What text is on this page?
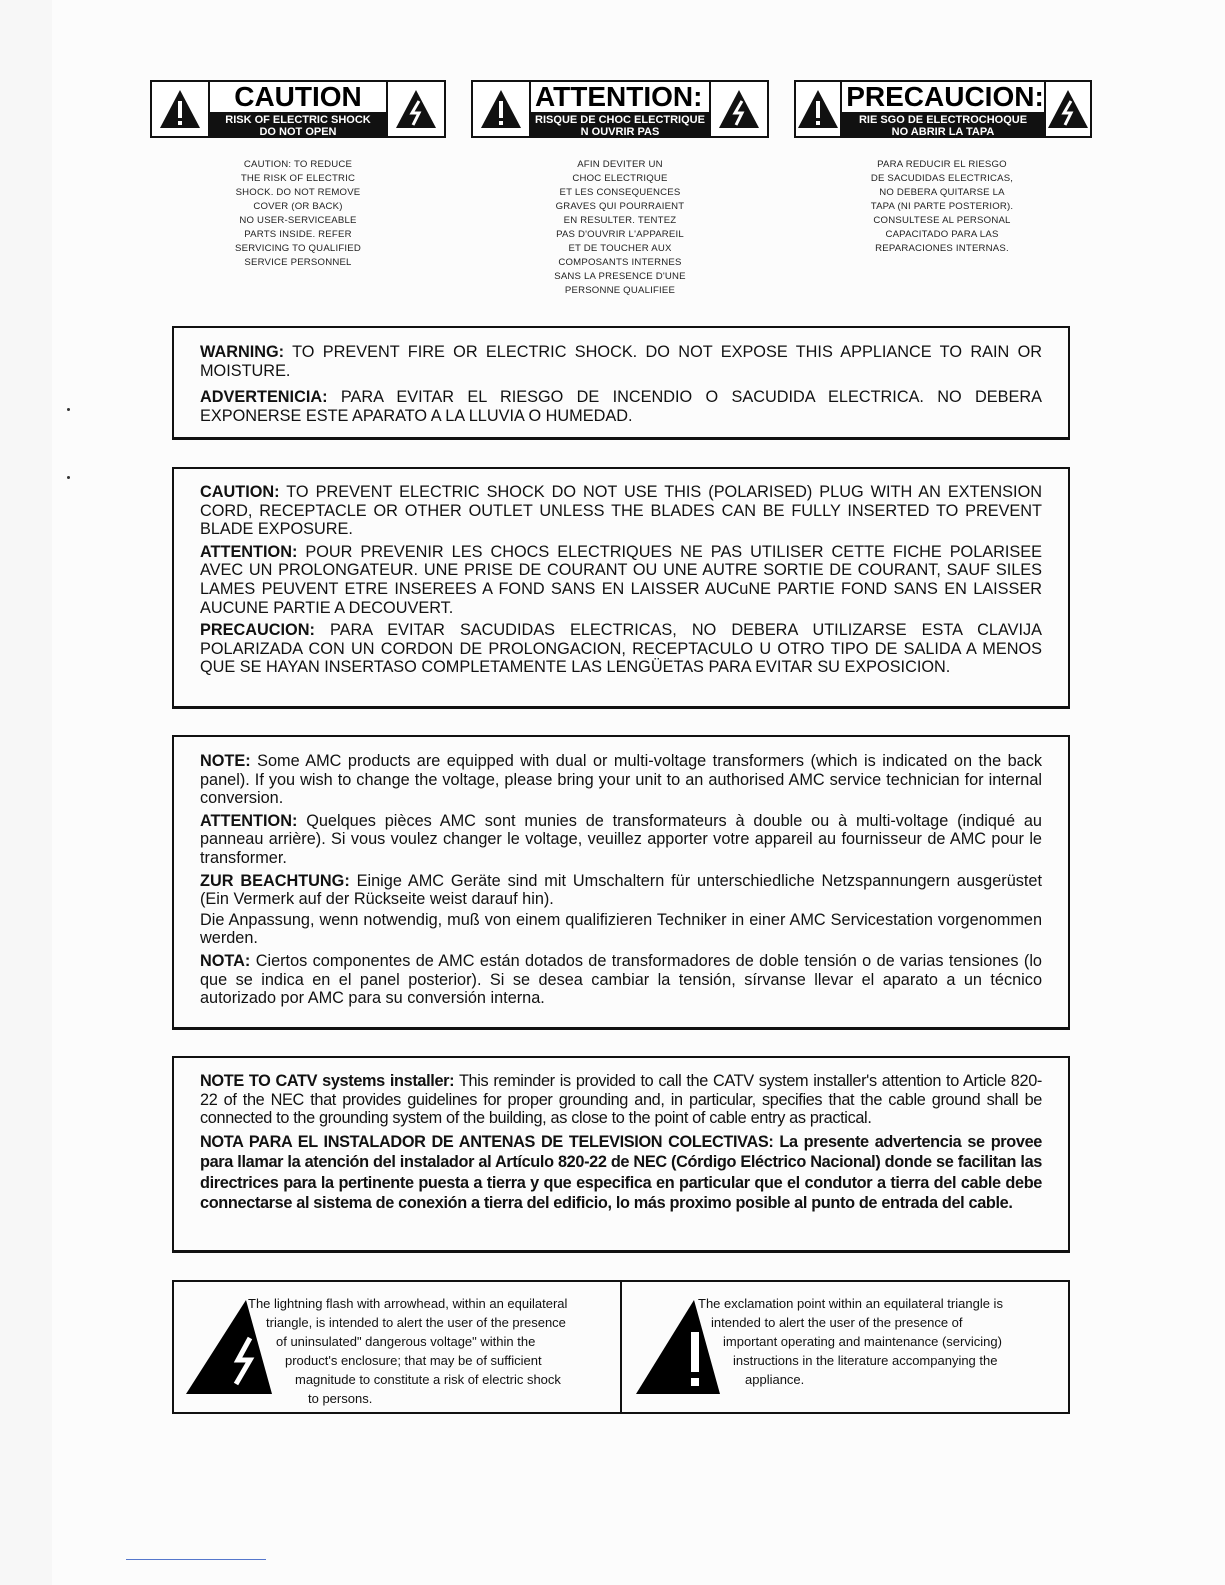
CAUTION
RISK OF ELECTRIC SHOCK
DO NOT OPEN
ATTENTION:
RISQUE DE CHOC ELECTRIQUE
N OUVRIR PAS
PRECAUCION:
RIE SGO DE ELECTROCHOQUE
NO ABRIR LA TAPA
CAUTION: TO REDUCE
THE RISK OF ELECTRIC
SHOCK. DO NOT REMOVE
COVER (OR BACK)
NO USER-SERVICEABLE
PARTS INSIDE. REFER
SERVICING TO QUALIFIED
SERVICE PERSONNEL
AFIN DEVITER UN
CHOC ELECTRIQUE
ET LES CONSEQUENCES
GRAVES QUI POURRAIENT
EN RESULTER. TENTEZ
PAS D'OUVRIR L'APPAREIL
ET DE TOUCHER AUX
COMPOSANTS INTERNES
SANS LA PRESENCE D'UNE
PERSONNE QUALIFIEE
PARA REDUCIR EL RIESGO
DE SACUDIDAS ELECTRICAS,
NO DEBERA QUITARSE LA
TAPA (NI PARTE POSTERIOR).
CONSULTESE AL PERSONAL
CAPACITADO PARA LAS
REPARACIONES INTERNAS.

WARNING: TO PREVENT FIRE OR ELECTRIC SHOCK. DO NOT EXPOSE THIS APPLIANCE TO RAIN OR MOISTURE.

ADVERTENICIA: PARA EVITAR EL RIESGO DE INCENDIO O SACUDIDA ELECTRICA. NO DEBERA EXPONERSE ESTE APARATO A LA LLUVIA O HUMEDAD.

CAUTION: TO PREVENT ELECTRIC SHOCK DO NOT USE THIS (POLARISED) PLUG WITH AN EXTENSION CORD, RECEPTACLE OR OTHER OUTLET UNLESS THE BLADES CAN BE FULLY INSERTED TO PREVENT BLADE EXPOSURE.

ATTENTION: POUR PREVENIR LES CHOCS ELECTRIQUES NE PAS UTILISER CETTE FICHE POLARISEE AVEC UN PROLONGATEUR. UNE PRISE DE COURANT OU UNE AUTRE SORTIE DE COURANT, SAUF SILES LAMES PEUVENT ETRE INSEREES A FOND SANS EN LAISSER AUCuNE PARTIE FOND SANS EN LAISSER AUCUNE PARTIE A DECOUVERT.

PRECAUCION: PARA EVITAR SACUDIDAS ELECTRICAS, NO DEBERA UTILIZARSE ESTA CLAVIJA POLARIZADA CON UN CORDON DE PROLONGACION, RECEPTACULO U OTRO TIPO DE SALIDA A MENOS QUE SE HAYAN INSERTASO COMPLETAMENTE LAS LENGÜETAS PARA EVITAR SU EXPOSICION.

NOTE: Some AMC products are equipped with dual or multi-voltage transformers (which is indicated on the back panel). If you wish to change the voltage, please bring your unit to an authorised AMC service technician for internal conversion.

ATTENTION: Quelques pièces AMC sont munies de transformateurs à double ou à multi-voltage (indiqué au panneau arrière). Si vous voulez changer le voltage, veuillez apporter votre appareil au fournisseur de AMC pour le transformer.

ZUR BEACHTUNG: Einige AMC Geräte sind mit Umschaltern für unterschiedliche Netzspannungern ausgerüstet (Ein Vermerk auf der Rückseite weist darauf hin).

Die Anpassung, wenn notwendig, muß von einem qualifizieren Techniker in einer AMC Servicestation vorgenommen werden.

NOTA: Ciertos componentes de AMC están dotados de transformadores de doble tensión o de varias tensiones (lo que se indica en el panel posterior). Si se desea cambiar la tensión, sírvanse llevar el aparato a un técnico autorizado por AMC para su conversión interna.

NOTE TO CATV systems installer: This reminder is provided to call the CATV system installer's attention to Article 820-22 of the NEC that provides guidelines for proper grounding and, in particular, specifies that the cable ground shall be connected to the grounding system of the building, as close to the point of cable entry as practical.

NOTA PARA EL INSTALADOR DE ANTENAS DE TELEVISION COLECTIVAS: La presente advertencia se provee para llamar la atención del instalador al Artículo 820-22 de NEC (Córdigo Eléctrico Nacional) donde se facilitan las directrices para la pertinente puesta a tierra y que especifica en particular que el condutor a tierra del cable debe connectarse al sistema de conexión a tierra del edificio, lo más proximo posible al punto de entrada del cable.

The lightning flash with arrowhead, within an equilateral
triangle, is intended to alert the user of the presence
of uninsulated" dangerous voltage" within the
product's enclosure; that may be of sufficient
magnitude to constitute a risk of electric shock
to persons.
The exclamation point within an equilateral triangle is
intended to alert the user of the presence of
important operating and maintenance (servicing)
instructions in the literature accompanying the
appliance.
